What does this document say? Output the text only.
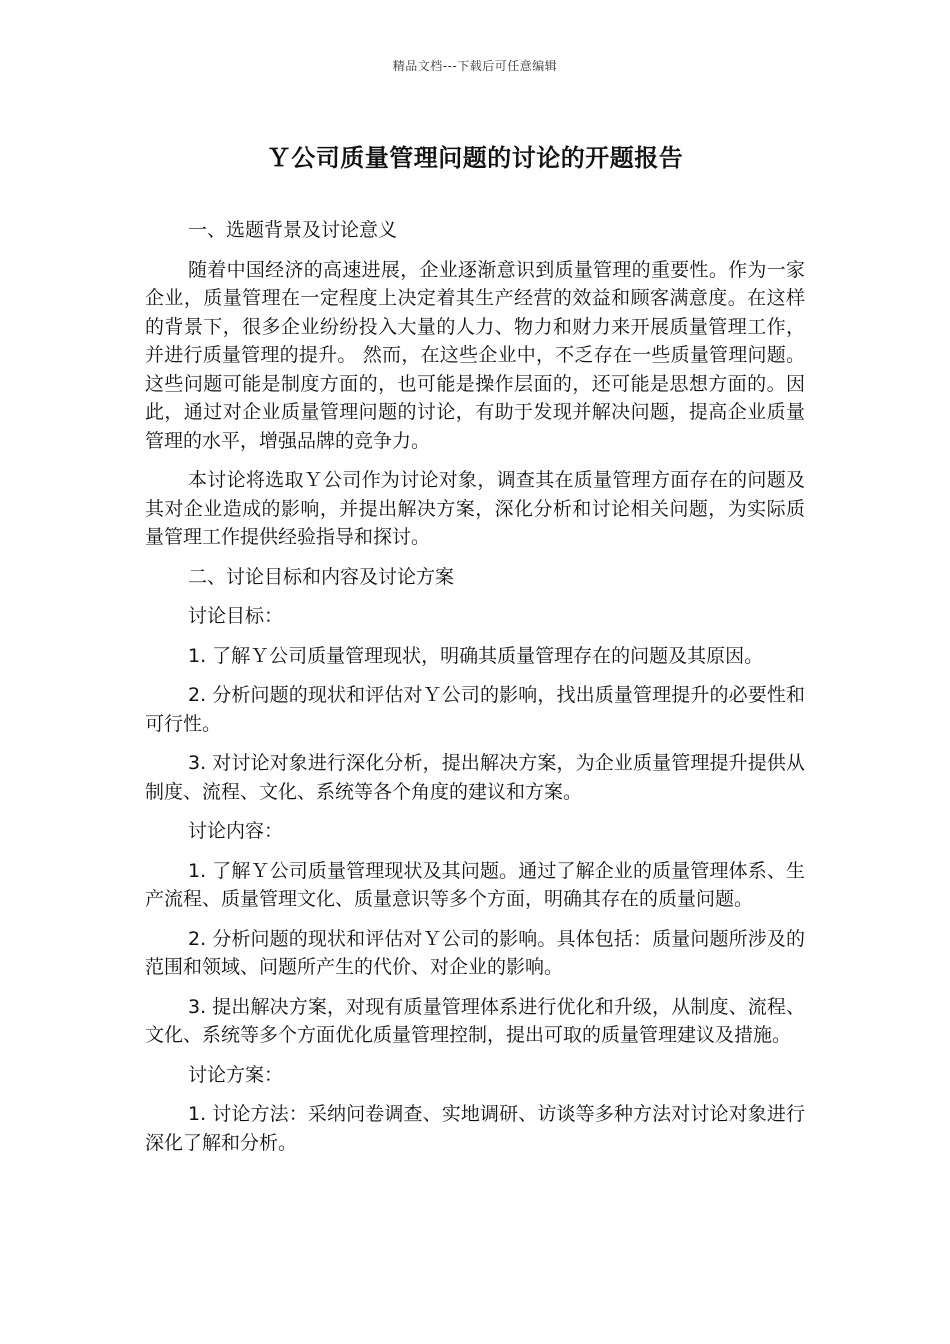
精品文档---下载后可任意编辑
Ｙ公司质量管理问题的讨论的开题报告

一、选题背景及讨论意义

随着中国经济的高速进展，企业逐渐意识到质量管理的重要性。作为一家企业，质量管理在一定程度上决定着其生产经营的效益和顾客满意度。在这样的背景下，很多企业纷纷投入大量的人力、物力和财力来开展质量管理工作，并进行质量管理的提升。 然而，在这些企业中，不乏存在一些质量管理问题。这些问题可能是制度方面的，也可能是操作层面的，还可能是思想方面的。因此，通过对企业质量管理问题的讨论，有助于发现并解决问题，提高企业质量管理的水平，增强品牌的竞争力。

本讨论将选取Ｙ公司作为讨论对象，调查其在质量管理方面存在的问题及其对企业造成的影响，并提出解决方案，深化分析和讨论相关问题，为实际质量管理工作提供经验指导和探讨。

二、讨论目标和内容及讨论方案

讨论目标：

1. 了解Ｙ公司质量管理现状，明确其质量管理存在的问题及其原因。

2. 分析问题的现状和评估对Ｙ公司的影响，找出质量管理提升的必要性和可行性。

3. 对讨论对象进行深化分析，提出解决方案，为企业质量管理提升提供从制度、流程、文化、系统等各个角度的建议和方案。

讨论内容：

1. 了解Ｙ公司质量管理现状及其问题。通过了解企业的质量管理体系、生产流程、质量管理文化、质量意识等多个方面，明确其存在的质量问题。

2. 分析问题的现状和评估对Ｙ公司的影响。具体包括：质量问题所涉及的范围和领域、问题所产生的代价、对企业的影响。

3. 提出解决方案，对现有质量管理体系进行优化和升级，从制度、流程、文化、系统等多个方面优化质量管理控制，提出可取的质量管理建议及措施。

讨论方案：

1. 讨论方法：采纳问卷调查、实地调研、访谈等多种方法对讨论对象进行深化了解和分析。
